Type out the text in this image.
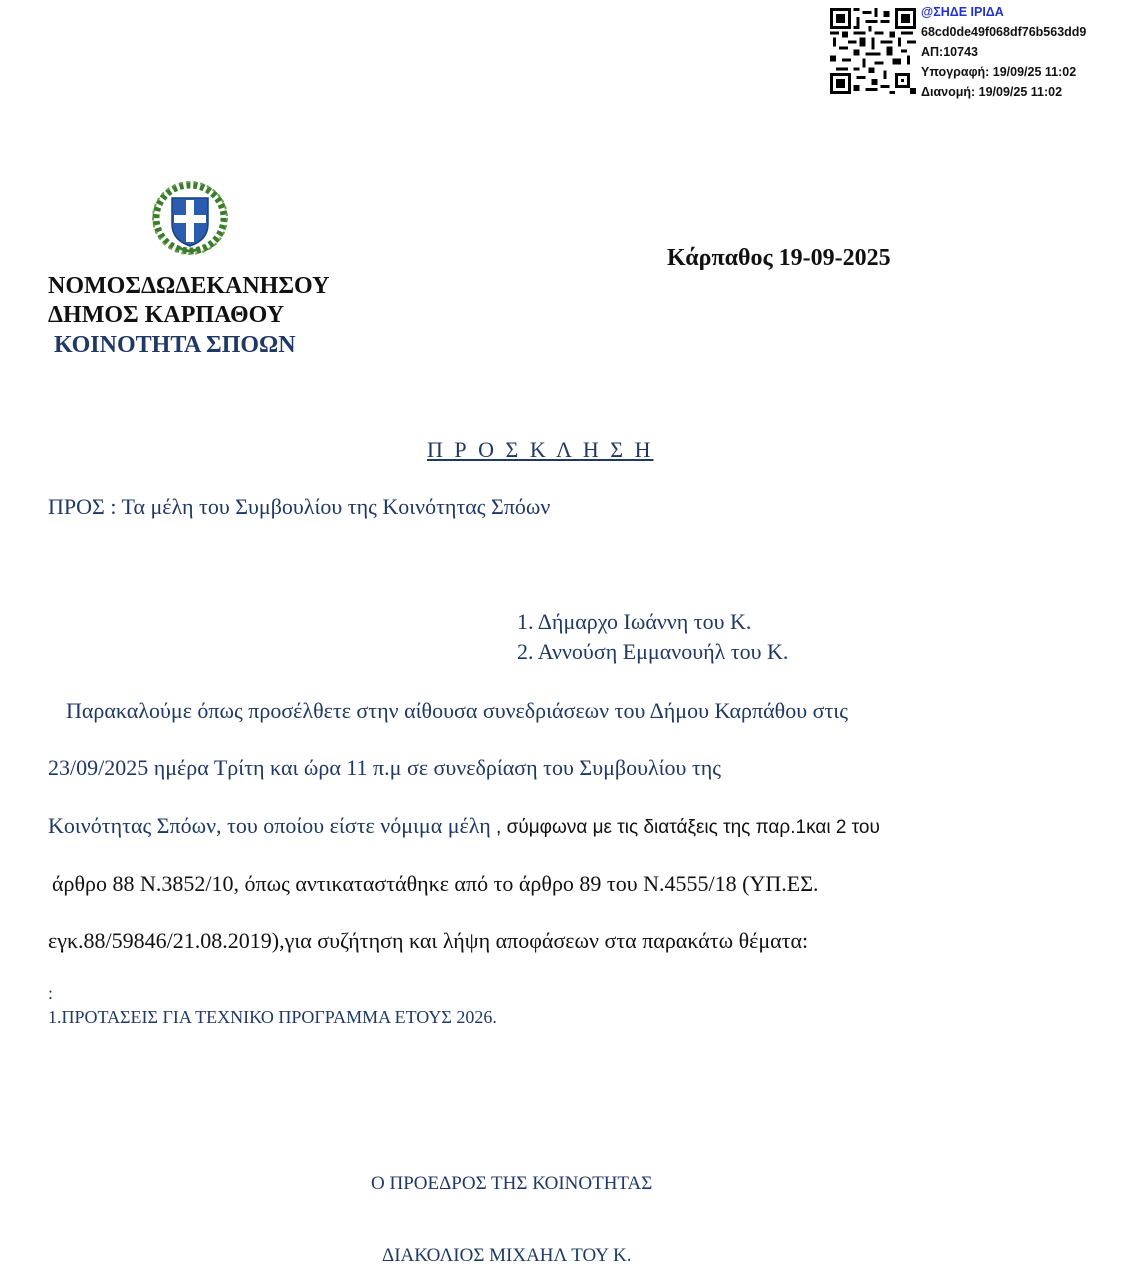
@ΣΗΔΕ ΙΡΙΔΑ
68cd0de49f068df76b563dd9
ΑΠ:10743
Υπογραφή: 19/09/25 11:02
Διανομή: 19/09/25 11:02
ΝΟΜΟΣΔΩΔΕΚΑΝΗΣΟΥ
ΔΗΜΟΣ ΚΑΡΠΑΘΟΥ
ΚΟΙΝΟΤΗΤΑ ΣΠΟΩΝ
Κάρπαθος 19-09-2025
Π Ρ Ο Σ Κ Λ Η Σ Η
ΠΡΟΣ : Τα μέλη του Συμβουλίου της Κοινότητας Σπόων
1. Δήμαρχο Ιωάννη του Κ.
2. Αννούση Εμμανουήλ του Κ.
Παρακαλούμε όπως προσέλθετε στην αίθουσα συνεδριάσεων του Δήμου Καρπάθου στις
23/09/2025 ημέρα Τρίτη και ώρα 11 π.μ σε συνεδρίαση του Συμβουλίου της
Κοινότητας Σπόων, του οποίου είστε νόμιμα μέλη , σύμφωνα με τις διατάξεις της παρ.1και 2 του
άρθρο 88 Ν.3852/10, όπως αντικαταστάθηκε από το άρθρο 89 του Ν.4555/18 (ΥΠ.ΕΣ.
εγκ.88/59846/21.08.2019),για συζήτηση και λήψη αποφάσεων στα παρακάτω θέματα:
:
1.ΠΡΟΤΑΣΕΙΣ ΓΙΑ ΤΕΧΝΙΚΟ ΠΡΟΓΡΑΜΜΑ ΕΤΟΥΣ 2026.
Ο ΠΡΟΕΔΡΟΣ ΤΗΣ ΚΟΙΝΟΤΗΤΑΣ
ΔΙΑΚΟΛΙΟΣ ΜΙΧΑΗΛ ΤΟΥ Κ.
